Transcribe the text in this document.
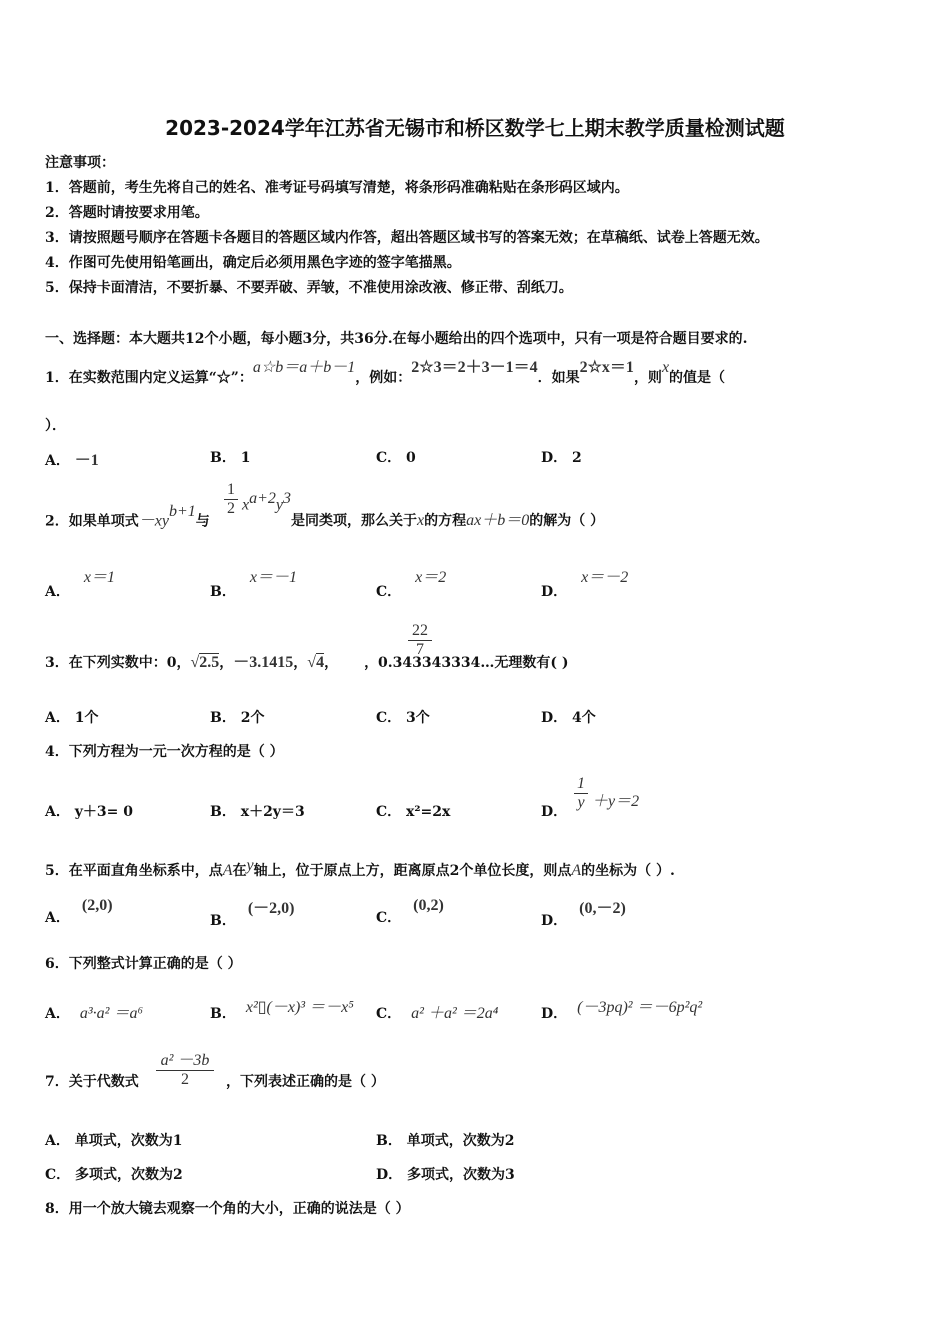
2023-2024学年江苏省无锡市和桥区数学七上期末教学质量检测试题
注意事项：
1．答题前，考生先将自己的姓名、准考证号码填写清楚，将条形码准确粘贴在条形码区域内。
2．答题时请按要求用笔。
3．请按照题号顺序在答题卡各题目的答题区域内作答，超出答题区域书写的答案无效；在草稿纸、试卷上答题无效。
4．作图可先使用铅笔画出，确定后必须用黑色字迹的签字笔描黑。
5．保持卡面清洁，不要折暴、不要弄破、弄皱，不准使用涂改液、修正带、刮纸刀。
一、选择题：本大题共12个小题，每小题3分，共36分.在每小题给出的四个选项中，只有一项是符合题目要求的.
1．在实数范围内定义运算“☆”：a☆b＝a＋b－1，例如：2☆3＝2＋3－1＝4．如果2☆x＝1，则x的值是（
）．
A． －1	B． 1	C． 0	D． 2
2．如果单项式$-xy^{b+1}$与
$\frac{1}{2} x^{a+2}y^3$
是同类项，那么关于x的方程ax＋b＝0的解为（ ）
A．x＝1
B．x＝－1
C．x＝2
D．x＝－2
3．在下列实数中：0，√2.5，－3.1415，√4， ，0.343343334…无理数有( )
$\frac{22}{7}$
A． 1个	B． 2个	C． 3个	D． 4个
4．下列方程为一元一次方程的是（ ）
A． y＋3= 0	B． x＋2y＝3	C． x²=2x	D． $\frac{1}{y} +y=2$
5．在平面直角坐标系中，点A在y轴上，位于原点上方，距离原点2个单位长度，则点A的坐标为（ ）.
A．(2,0)
B．(－2,0)
C．(0,2)
D．(0,－2)
6．下列整式计算正确的是（ ）
A． a³·a² ＝a⁶	B． x²▯(－x)³ ＝－x⁵ C． a² ＋a² ＝2a⁴	D． (－3pq)² ＝－6p²q²
7．关于代数式 $\frac{\text{a² －3b}}{2}$ ，下列表述正确的是（ ）
A． 单项式，次数为1	B． 单项式，次数为2
C． 多项式，次数为2	D． 多项式，次数为3
8．用一个放大镜去观察一个角的大小，正确的说法是（ ）
